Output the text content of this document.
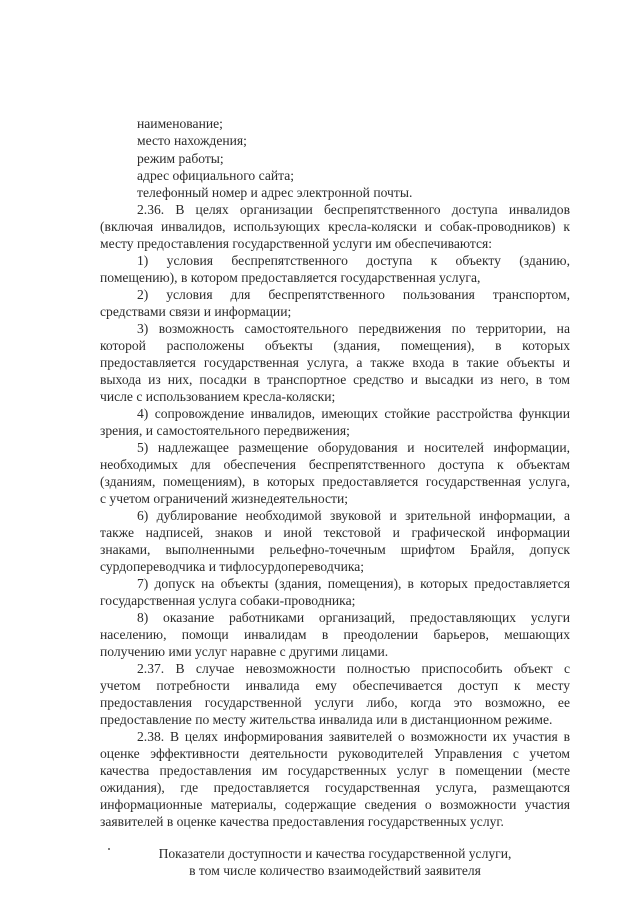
наименование;
место нахождения;
режим работы;
адрес официального сайта;
телефонный номер и адрес электронной почты.
2.36. В целях организации беспрепятственного доступа инвалидов
(включая инвалидов, использующих кресла-коляски и собак-проводников) к
месту предоставления государственной услуги им обеспечиваются:
1) условия беспрепятственного доступа к объекту (зданию,
помещению), в котором предоставляется государственная услуга,
2) условия для беспрепятственного пользования транспортом,
средствами связи и информации;
3) возможность самостоятельного передвижения по территории, на
которой расположены объекты (здания, помещения), в которых
предоставляется государственная услуга, а также входа в такие объекты и
выхода из них, посадки в транспортное средство и высадки из него, в том
числе с использованием кресла-коляски;
4) сопровождение инвалидов, имеющих стойкие расстройства функции
зрения, и самостоятельного передвижения;
5) надлежащее размещение оборудования и носителей информации,
необходимых для обеспечения беспрепятственного доступа к объектам
(зданиям, помещениям), в которых предоставляется государственная услуга,
с учетом ограничений жизнедеятельности;
6) дублирование необходимой звуковой и зрительной информации, а
также надписей, знаков и иной текстовой и графической информации
знаками, выполненными рельефно-точечным шрифтом Брайля, допуск
сурдопереводчика и тифлосурдопереводчика;
7) допуск на объекты (здания, помещения), в которых предоставляется
государственная услуга собаки-проводника;
8) оказание работниками организаций, предоставляющих услуги
населению, помощи инвалидам в преодолении барьеров, мешающих
получению ими услуг наравне с другими лицами.
2.37. В случае невозможности полностью приспособить объект с
учетом потребности инвалида ему обеспечивается доступ к месту
предоставления государственной услуги либо, когда это возможно, ее
предоставление по месту жительства инвалида или в дистанционном режиме.
2.38. В целях информирования заявителей о возможности их участия в
оценке эффективности деятельности руководителей Управления с учетом
качества предоставления им государственных услуг в помещении (месте
ожидания), где предоставляется государственная услуга, размещаются
информационные материалы, содержащие сведения о возможности участия
заявителей в оценке качества предоставления государственных услуг.
Показатели доступности и качества государственной услуги,
в том числе количество взаимодействий заявителя
